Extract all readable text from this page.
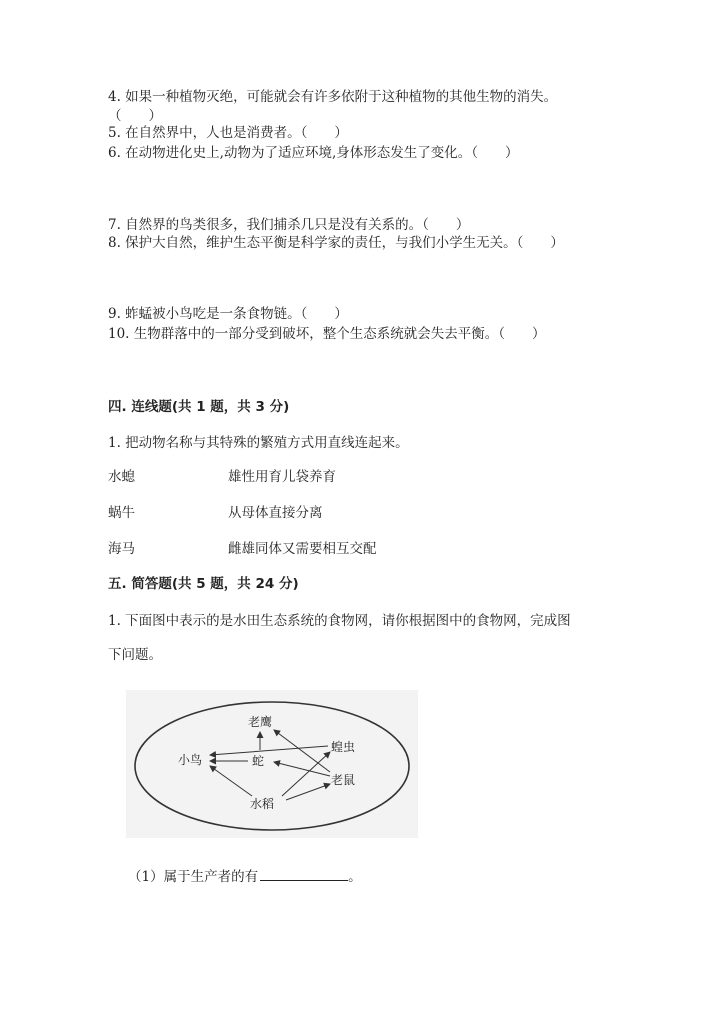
4. 如果一种植物灭绝，可能就会有许多依附于这种植物的其他生物的消失。
（　　）
5. 在自然界中，人也是消费者。（　　）
6. 在动物进化史上,动物为了适应环境,身体形态发生了变化。（　　）
7. 自然界的鸟类很多，我们捕杀几只是没有关系的。（　　）
8. 保护大自然，维护生态平衡是科学家的责任，与我们小学生无关。（　　）
9. 蚱蜢被小鸟吃是一条食物链。（　　）
10. 生物群落中的一部分受到破坏，整个生态系统就会失去平衡。（　　）
四. 连线题(共 1 题，共 3 分)
1. 把动物名称与其特殊的繁殖方式用直线连起来。
水螅	雄性用育儿袋养育
蜗牛	从母体直接分离
海马	雌雄同体又需要相互交配
五. 简答题(共 5 题，共 24 分)
1. 下面图中表示的是水田生态系统的食物网，请你根据图中的食物网，完成图
下问题。
老鹰
小鸟	蛇
蝗虫
老鼠
水稻
（1）属于生产者的有	。
